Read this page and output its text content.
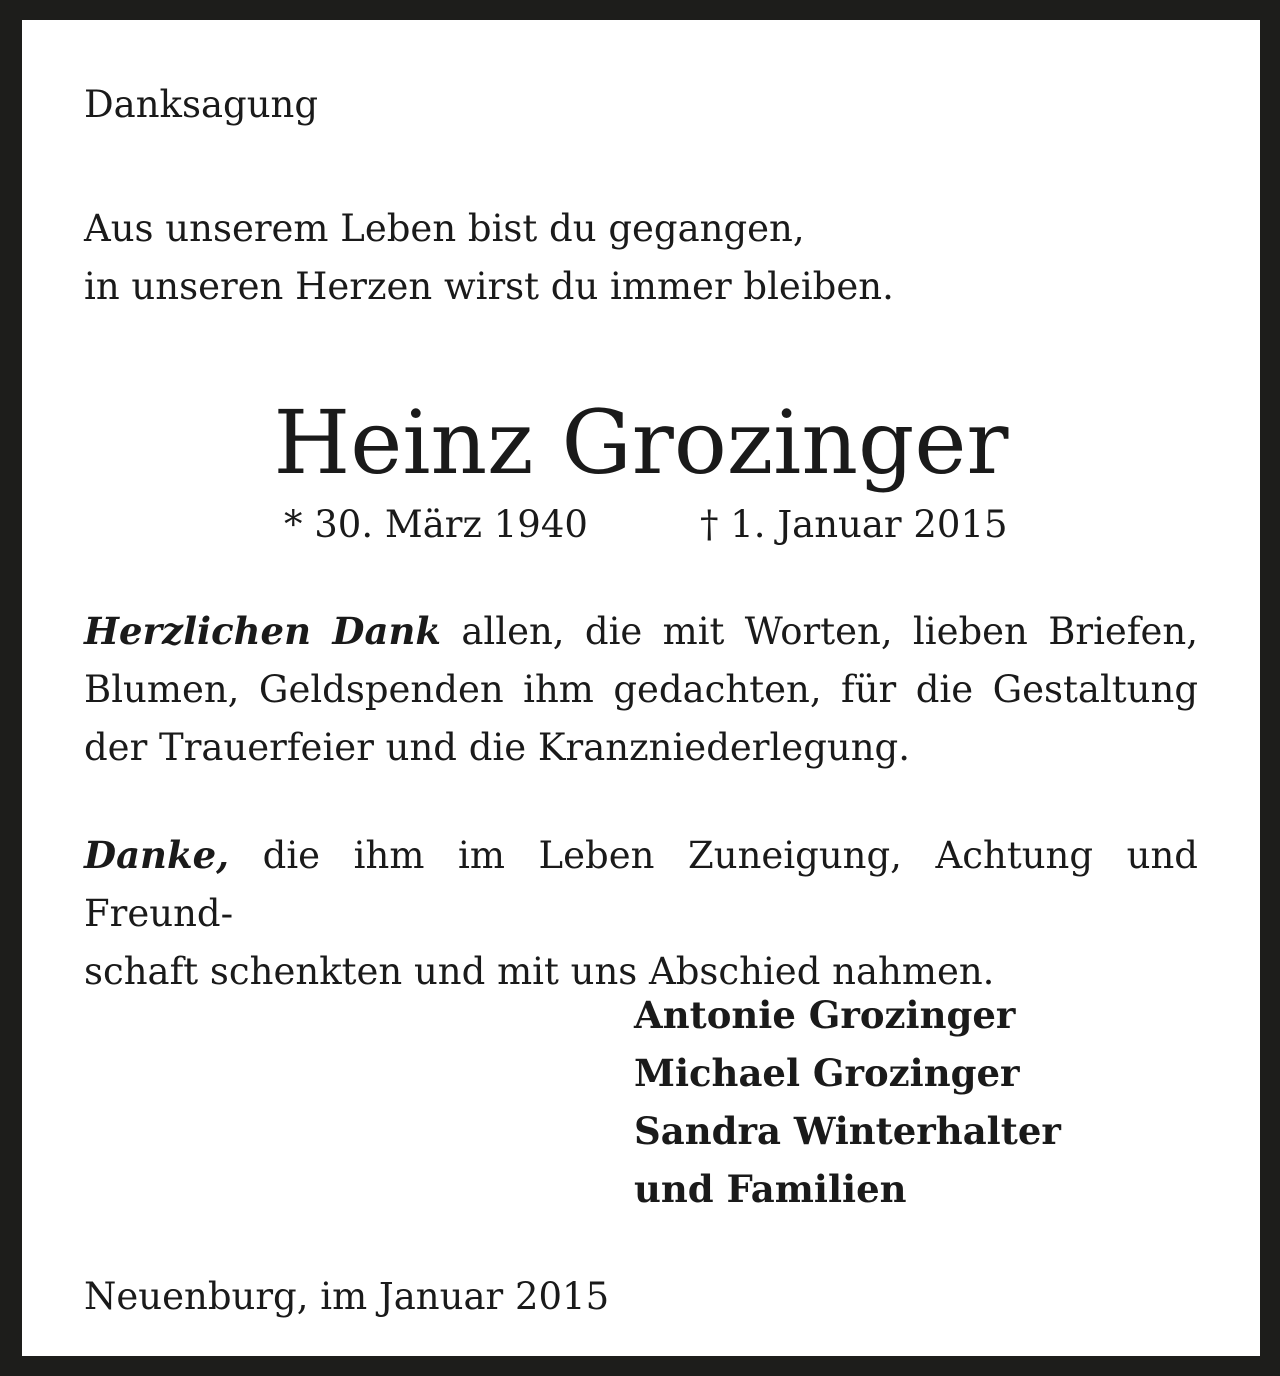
Danksagung
Aus unserem Leben bist du gegangen,
in unseren Herzen wirst du immer bleiben.
Heinz Grozinger
* 30. März 1940	† 1. Januar 2015
Herzlichen Dank allen, die mit Worten, lieben Briefen,
Blumen, Geldspenden ihm gedachten, für die Gestaltung
der Trauerfeier und die Kranzniederlegung.
Danke, die ihm im Leben Zuneigung, Achtung und Freund-
schaft schenkten und mit uns Abschied nahmen.
Antonie Grozinger
Michael Grozinger
Sandra Winterhalter
und Familien
Neuenburg, im Januar 2015
